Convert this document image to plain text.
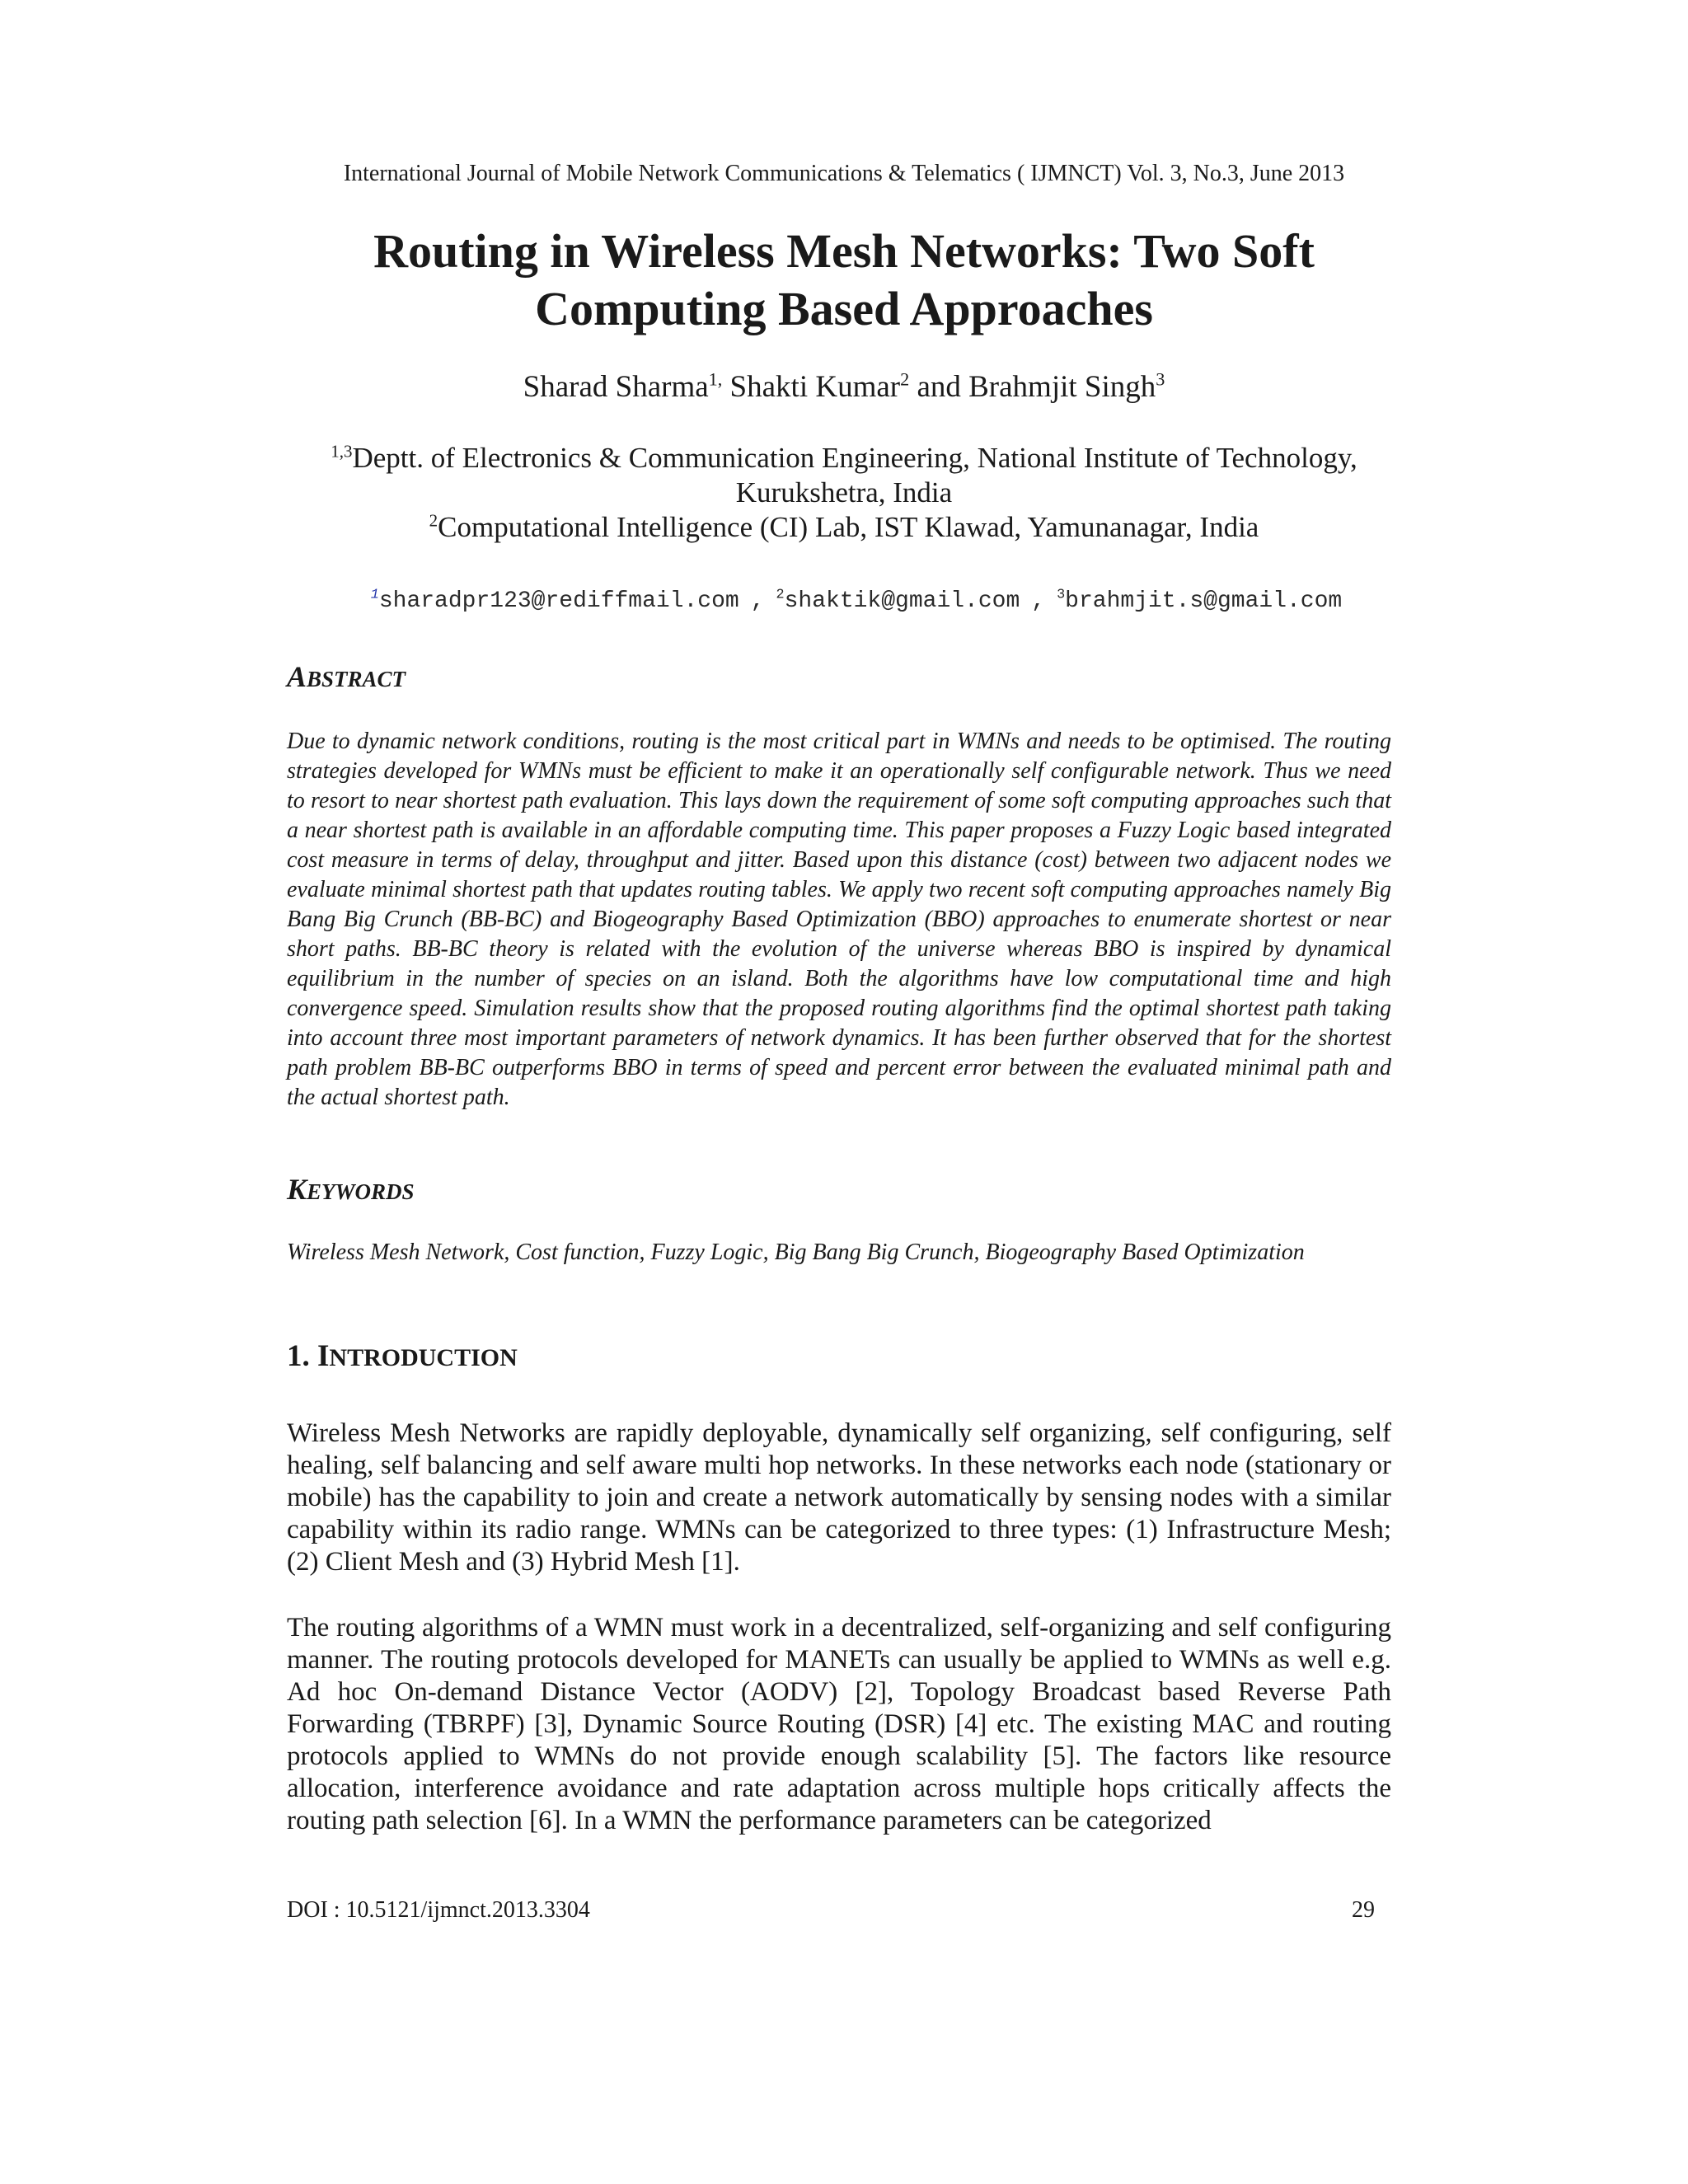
International Journal of Mobile Network Communications & Telematics ( IJMNCT) Vol. 3, No.3, June 2013
Routing in Wireless Mesh Networks: Two Soft
Computing Based Approaches
Sharad Sharma$^{1,}$ Shakti Kumar$^2$ and Brahmjit Singh$^3$
$^{1,3}$Deptt. of Electronics & Communication Engineering, National Institute of Technology,
Kurukshetra, India
$^2$Computational Intelligence (CI) Lab, IST Klawad, Yamunanagar, India
$^1$sharadpr123@rediffmail.com , $^2$shaktik@gmail.com , $^3$brahmjit.s@gmail.com
ABSTRACT
Due to dynamic network conditions, routing is the most critical part in WMNs and needs to be optimised. The routing strategies developed for WMNs must be efficient to make it an operationally self configurable network. Thus we need to resort to near shortest path evaluation. This lays down the requirement of some soft computing approaches such that a near shortest path is available in an affordable computing time. This paper proposes a Fuzzy Logic based integrated cost measure in terms of delay, throughput and jitter. Based upon this distance (cost) between two adjacent nodes we evaluate minimal shortest path that updates routing tables. We apply two recent soft computing approaches namely Big Bang Big Crunch (BB-BC) and Biogeography Based Optimization (BBO) approaches to enumerate shortest or near short paths. BB-BC theory is related with the evolution of the universe whereas BBO is inspired by dynamical equilibrium in the number of species on an island. Both the algorithms have low computational time and high convergence speed. Simulation results show that the proposed routing algorithms find the optimal shortest path taking into account three most important parameters of network dynamics. It has been further observed that for the shortest path problem BB-BC outperforms BBO in terms of speed and percent error between the evaluated minimal path and the actual shortest path.
KEYWORDS
Wireless Mesh Network, Cost function, Fuzzy Logic, Big Bang Big Crunch, Biogeography Based Optimization
1. INTRODUCTION
Wireless Mesh Networks are rapidly deployable, dynamically self organizing, self configuring, self healing, self balancing and self aware multi hop networks. In these networks each node (stationary or mobile) has the capability to join and create a network automatically by sensing nodes with a similar capability within its radio range. WMNs can be categorized to three types: (1) Infrastructure Mesh; (2) Client Mesh and (3) Hybrid Mesh [1].
The routing algorithms of a WMN must work in a decentralized, self-organizing and self configuring manner. The routing protocols developed for MANETs can usually be applied to WMNs as well e.g. Ad hoc On-demand Distance Vector (AODV) [2], Topology Broadcast based Reverse Path Forwarding (TBRPF) [3], Dynamic Source Routing (DSR) [4] etc. The existing MAC and routing protocols applied to WMNs do not provide enough scalability [5]. The factors like resource allocation, interference avoidance and rate adaptation across multiple hops critically affects the routing path selection [6]. In a WMN the performance parameters can be categorized
DOI : 10.5121/ijmnct.2013.3304	29
